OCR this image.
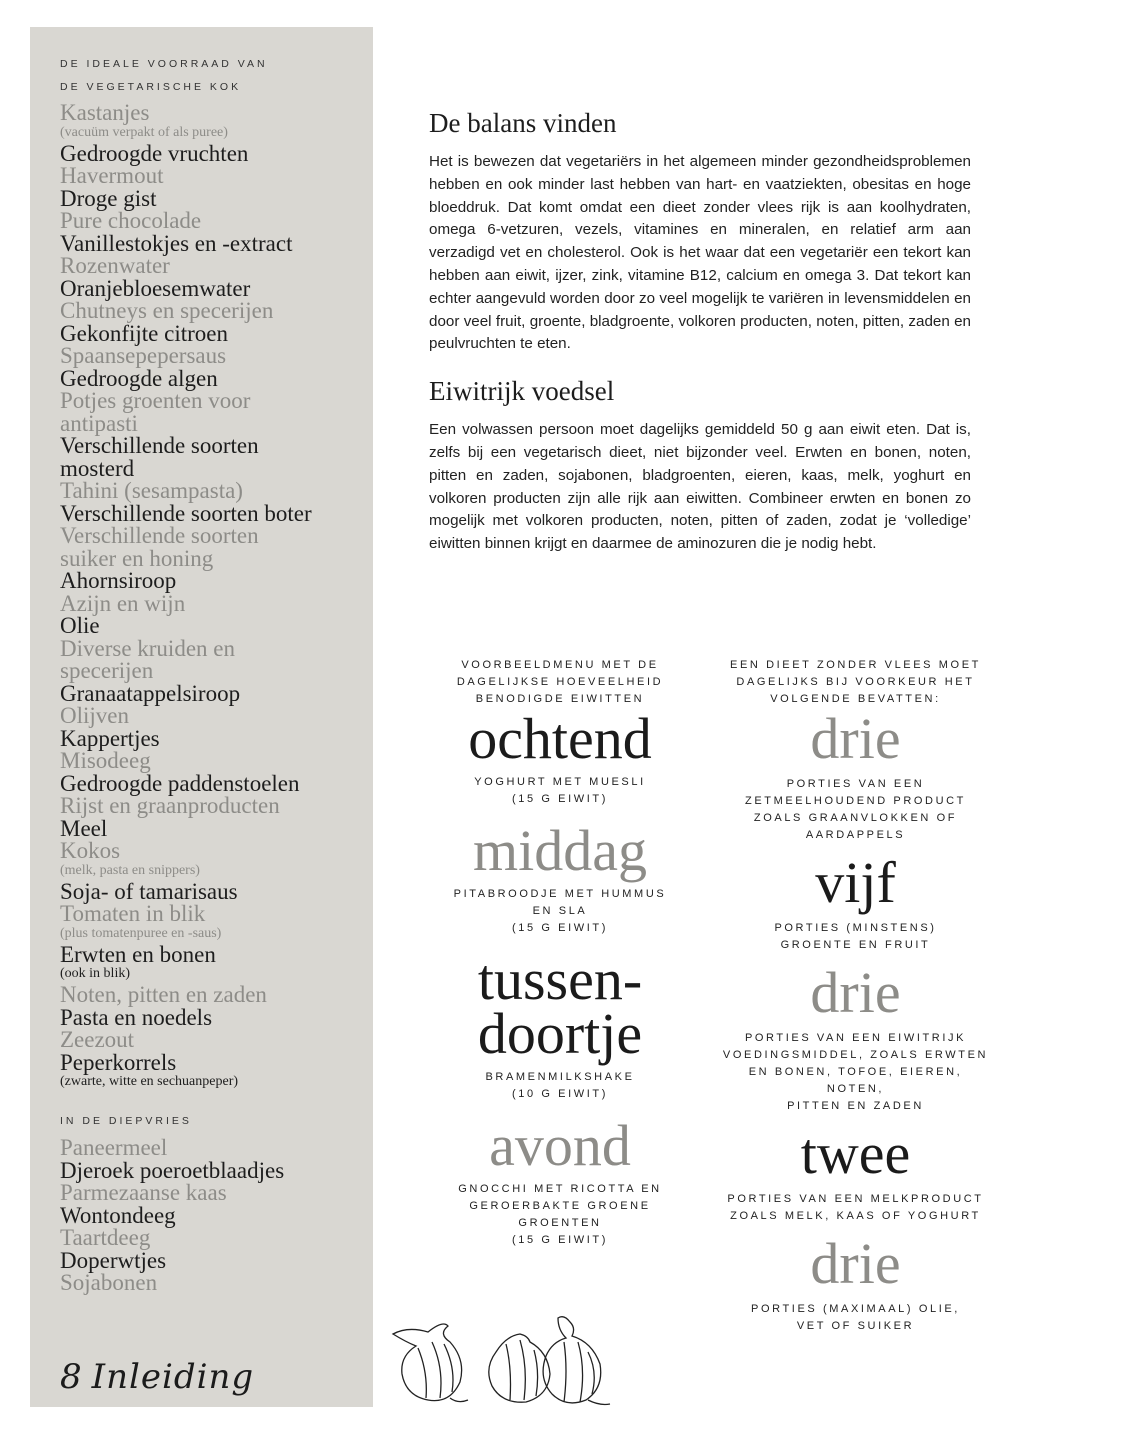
DE IDEALE VOORRAAD VAN
DE VEGETARISCHE KOK
Kastanjes
(vacuüm verpakt of als puree)
Gedroogde vruchten
Havermout
Droge gist
Pure chocolade
Vanillestokjes en -extract
Rozenwater
Oranjebloesemwater
Chutneys en specerijen
Gekonfijte citroen
Spaansepepersaus
Gedroogde algen
Potjes groenten voor
antipasti
Verschillende soorten
mosterd
Tahini (sesampasta)
Verschillende soorten boter
Verschillende soorten
suiker en honing
Ahornsiroop
Azijn en wijn
Olie
Diverse kruiden en
specerijen
Granaatappelsiroop
Olijven
Kappertjes
Misodeeg
Gedroogde paddenstoelen
Rijst en graanproducten
Meel
Kokos
(melk, pasta en snippers)
Soja- of tamarisaus
Tomaten in blik
(plus tomatenpuree en -saus)
Erwten en bonen
(ook in blik)
Noten, pitten en zaden
Pasta en noedels
Zeezout
Peperkorrels
(zwarte, witte en sechuanpeper)
IN DE DIEPVRIES
Paneermeel
Djeroek poeroetblaadjes
Parmezaanse kaas
Wontondeeg
Taartdeeg
Doperwtjes
Sojabonen
8 Inleiding
De balans vinden

Het is bewezen dat vegetariërs in het algemeen minder gezondheidsproblemen hebben en ook minder last hebben van hart- en vaatziekten, obesitas en hoge bloeddruk. Dat komt omdat een dieet zonder vlees rijk is aan koolhydraten, omega 6-vetzuren, vezels, vitamines en mineralen, en relatief arm aan verzadigd vet en cholesterol. Ook is het waar dat een vegetariër een tekort kan hebben aan eiwit, ijzer, zink, vitamine B12, calcium en omega 3. Dat tekort kan echter aangevuld worden door zo veel mogelijk te variëren in levensmiddelen en door veel fruit, groente, bladgroente, volkoren producten, noten, pitten, zaden en peulvruchten te eten.

Eiwitrijk voedsel

Een volwassen persoon moet dagelijks gemiddeld 50 g aan eiwit eten. Dat is, zelfs bij een vegetarisch dieet, niet bijzonder veel. Erwten en bonen, noten, pitten en zaden, sojabonen, bladgroenten, eieren, kaas, melk, yoghurt en volkoren producten zijn alle rijk aan eiwitten. Combineer erwten en bonen zo mogelijk met volkoren producten, noten, pitten of zaden, zodat je ‘volledige’ eiwitten binnen krijgt en daarmee de aminozuren die je nodig hebt.

VOORBEELDMENU MET DE
DAGELIJKSE HOEVEELHEID
BENODIGDE EIWITTEN
ochtend
YOGHURT MET MUESLI
(15 G EIWIT)
middag
PITABROODJE MET HUMMUS
EN SLA
(15 G EIWIT)
tussen-
doortje
BRAMENMILKSHAKE
(10 G EIWIT)
avond
GNOCCHI MET RICOTTA EN
GEROERBAKTE GROENE GROENTEN
(15 G EIWIT)
EEN DIEET ZONDER VLEES MOET
DAGELIJKS BIJ VOORKEUR HET
VOLGENDE BEVATTEN:
drie
PORTIES VAN EEN
ZETMEELHOUDEND PRODUCT
ZOALS GRAANVLOKKEN OF
AARDAPPELS
vijf
PORTIES (MINSTENS)
GROENTE EN FRUIT
drie
PORTIES VAN EEN EIWITRIJK
VOEDINGSMIDDEL, ZOALS ERWTEN
EN BONEN, TOFOE, EIEREN, NOTEN,
PITTEN EN ZADEN
twee
PORTIES VAN EEN MELKPRODUCT
ZOALS MELK, KAAS OF YOGHURT
drie
PORTIES (MAXIMAAL) OLIE,
VET OF SUIKER
